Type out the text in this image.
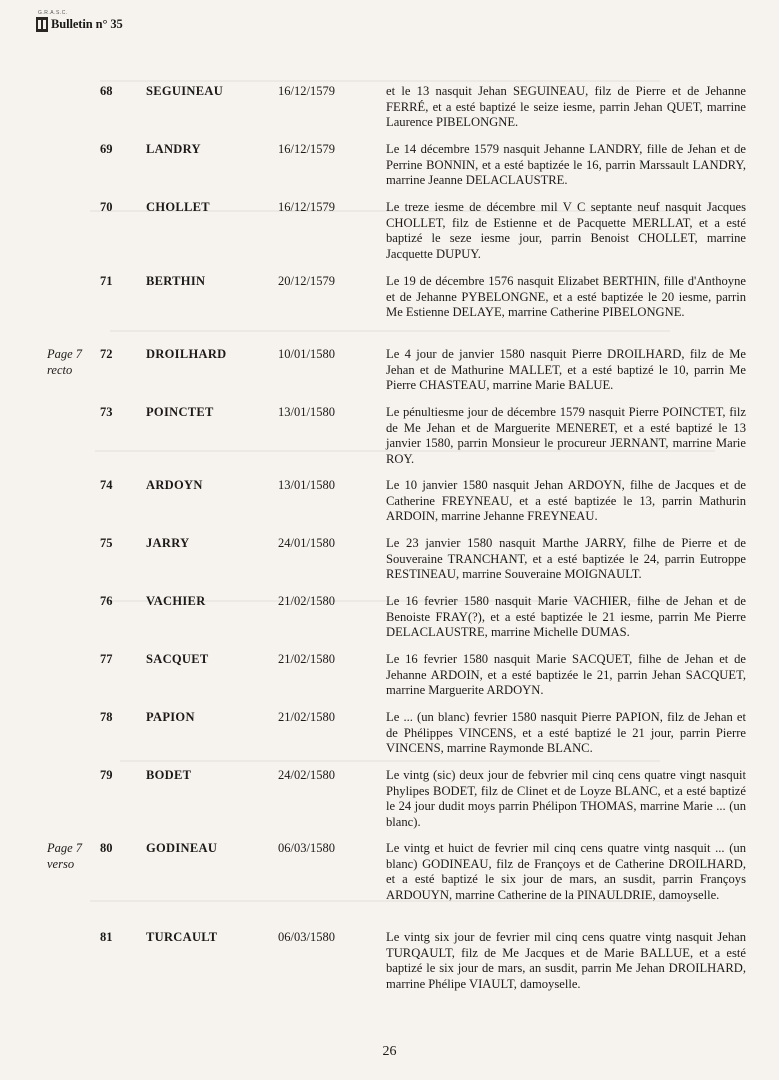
G.R.A.S.C.
Bulletin n° 35
68	SEGUINEAU	16/12/1579	et le 13 nasquit Jehan SEGUINEAU, filz de Pierre et de Jehanne FERRÉ, et a esté baptizé le seize iesme, parrin Jehan QUET, marrine Laurence PIBELONGNE.
69	LANDRY	16/12/1579	Le 14 décembre 1579 nasquit Jehanne LANDRY, fille de Jehan et de Perrine BONNIN, et a esté baptizée le 16, parrin Marssault LANDRY, marrine Jeanne DELACLAUSTRE.
70	CHOLLET	16/12/1579	Le treze iesme de décembre mil V C septante neuf nasquit Jacques CHOLLET, filz de Estienne et de Pacquette MERLLAT, et a esté baptizé le seze iesme jour, parrin Benoist CHOLLET, marrine Jacquette DUPUY.
71	BERTHIN	20/12/1579	Le 19 de décembre 1576 nasquit Elizabet BERTHIN, fille d'Anthoyne et de Jehanne PYBELONGNE, et a esté baptizée le 20 iesme, parrin Me Estienne DELAYE, marrine Catherine PIBELONGNE.
Page 7
recto
72	DROILHARD	10/01/1580	Le 4 jour de janvier 1580 nasquit Pierre DROILHARD, filz de Me Jehan et de Mathurine MALLET, et a esté baptizé le 10, parrin Me Pierre CHASTEAU, marrine Marie BALUE.
73	POINCTET	13/01/1580	Le pénultiesme jour de décembre 1579 nasquit Pierre POINCTET, filz de Me Jehan et de Marguerite MENERET, et a esté baptizé le 13 janvier 1580, parrin Monsieur le procureur JERNANT, marrine Marie ROY.
74	ARDOYN	13/01/1580	Le 10 janvier 1580 nasquit Jehan ARDOYN, filhe de Jacques et de Catherine FREYNEAU, et a esté baptizée le 13, parrin Mathurin ARDOIN, marrine Jehanne FREYNEAU.
75	JARRY	24/01/1580	Le 23 janvier 1580 nasquit Marthe JARRY, filhe de Pierre et de Souveraine TRANCHANT, et a esté baptizée le 24, parrin Eutroppe RESTINEAU, marrine Souveraine MOIGNAULT.
76	VACHIER	21/02/1580	Le 16 fevrier 1580 nasquit Marie VACHIER, filhe de Jehan et de Benoiste FRAY(?), et a esté baptizée le 21 iesme, parrin Me Pierre DELACLAUSTRE, marrine Michelle DUMAS.
77	SACQUET	21/02/1580	Le 16 fevrier 1580 nasquit Marie SACQUET, filhe de Jehan et de Jehanne ARDOIN, et a esté baptizée le 21, parrin Jehan SACQUET, marrine Marguerite ARDOYN.
78	PAPION	21/02/1580	Le ... (un blanc) fevrier 1580 nasquit Pierre PAPION, filz de Jehan et de Phélippes VINCENS, et a esté baptizé le 21 jour, parrin Pierre VINCENS, marrine Raymonde BLANC.
79	BODET	24/02/1580	Le vintg (sic) deux jour de febvrier mil cinq cens quatre vingt nasquit Phylipes BODET, filz de Clinet et de Loyze BLANC, et a esté baptizé le 24 jour dudit moys parrin Phélipon THOMAS, marrine Marie ... (un blanc).
Page 7
verso
80	GODINEAU	06/03/1580	Le vintg et huict de fevrier mil cinq cens quatre vintg nasquit ... (un blanc) GODINEAU, filz de Françoys et de Catherine DROILHARD, et a esté baptizé le six jour de mars, an susdit, parrin Françoys ARDOUYN, marrine Catherine de la PINAULDRIE, damoyselle.
81	TURCAULT	06/03/1580	Le vintg six jour de fevrier mil cinq cens quatre vintg nasquit Jehan TURQAULT, filz de Me Jacques et de Marie BALLUE, et a esté baptizé le six jour de mars, an susdit, parrin Me Jehan DROILHARD, marrine Phélipe VIAULT, damoyselle.
26
